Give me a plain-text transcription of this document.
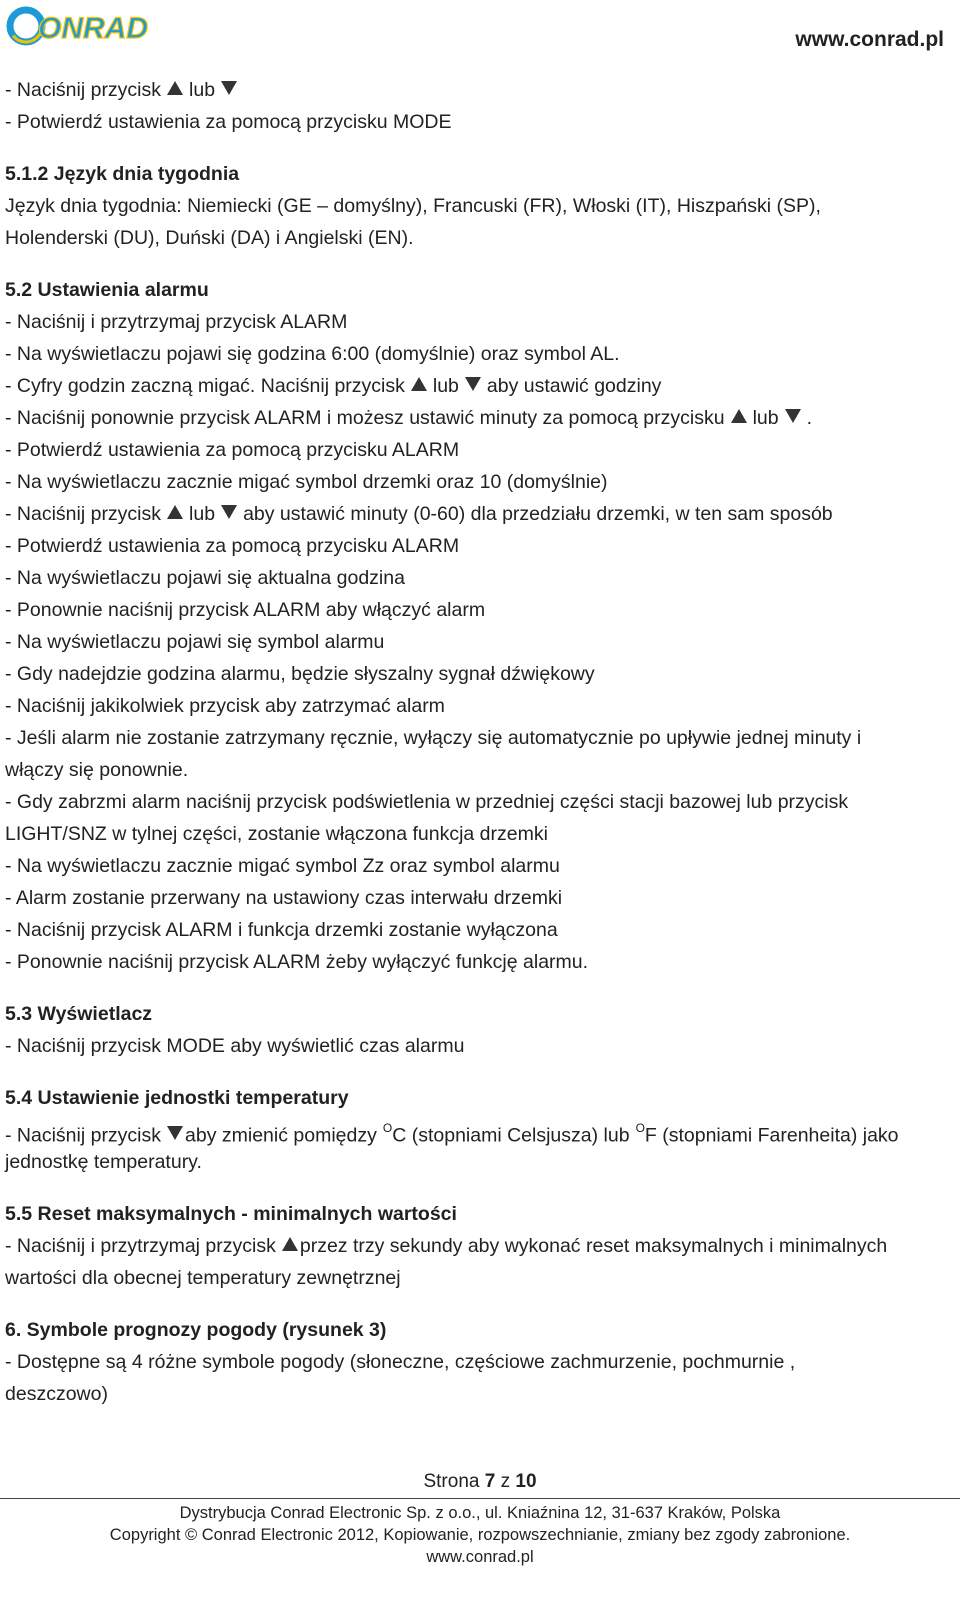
ONRAD	www.conrad.pl
- Naciśnij przycisk lub
- Potwierdź ustawienia za pomocą przycisku MODE
5.1.2 Język dnia tygodnia
Język dnia tygodnia: Niemiecki (GE – domyślny), Francuski (FR), Włoski (IT), Hiszpański (SP),
Holenderski (DU), Duński (DA) i Angielski (EN).
5.2 Ustawienia alarmu
- Naciśnij i przytrzymaj przycisk ALARM
- Na wyświetlaczu pojawi się godzina 6:00 (domyślnie) oraz symbol AL.
- Cyfry godzin zaczną migać. Naciśnij przycisk lub aby ustawić godziny
- Naciśnij ponownie przycisk ALARM i możesz ustawić minuty za pomocą przycisku lub .
- Potwierdź ustawienia za pomocą przycisku ALARM
- Na wyświetlaczu zacznie migać symbol drzemki oraz 10 (domyślnie)
- Naciśnij przycisk lub aby ustawić minuty (0-60) dla przedziału drzemki, w ten sam sposób
- Potwierdź ustawienia za pomocą przycisku ALARM
- Na wyświetlaczu pojawi się aktualna godzina
- Ponownie naciśnij przycisk ALARM aby włączyć alarm
- Na wyświetlaczu pojawi się symbol alarmu
- Gdy nadejdzie godzina alarmu, będzie słyszalny sygnał dźwiękowy
- Naciśnij jakikolwiek przycisk aby zatrzymać alarm
- Jeśli alarm nie zostanie zatrzymany ręcznie, wyłączy się automatycznie po upływie jednej minuty i
włączy się ponownie.
- Gdy zabrzmi alarm naciśnij przycisk podświetlenia w przedniej części stacji bazowej lub przycisk
LIGHT/SNZ w tylnej części, zostanie włączona funkcja drzemki
- Na wyświetlaczu zacznie migać symbol Zz oraz symbol alarmu
- Alarm zostanie przerwany na ustawiony czas interwału drzemki
- Naciśnij przycisk ALARM i funkcja drzemki zostanie wyłączona
- Ponownie naciśnij przycisk ALARM żeby wyłączyć funkcję alarmu.
5.3 Wyświetlacz
- Naciśnij przycisk MODE aby wyświetlić czas alarmu
5.4 Ustawienie jednostki temperatury
- Naciśnij przycisk aby zmienić pomiędzy $^O$C (stopniami Celsjusza) lub $^O$F (stopniami Farenheita) jako
jednostkę temperatury.
5.5 Reset maksymalnych - minimalnych wartości
- Naciśnij i przytrzymaj przycisk przez trzy sekundy aby wykonać reset maksymalnych i minimalnych
wartości dla obecnej temperatury zewnętrznej
6. Symbole prognozy pogody (rysunek 3)
- Dostępne są 4 różne symbole pogody (słoneczne, częściowe zachmurzenie, pochmurnie ,
deszczowo)
Strona 7 z 10
Dystrybucja Conrad Electronic Sp. z o.o., ul. Kniaźnina 12, 31-637 Kraków, Polska
Copyright © Conrad Electronic 2012, Kopiowanie, rozpowszechnianie, zmiany bez zgody zabronione.
www.conrad.pl
